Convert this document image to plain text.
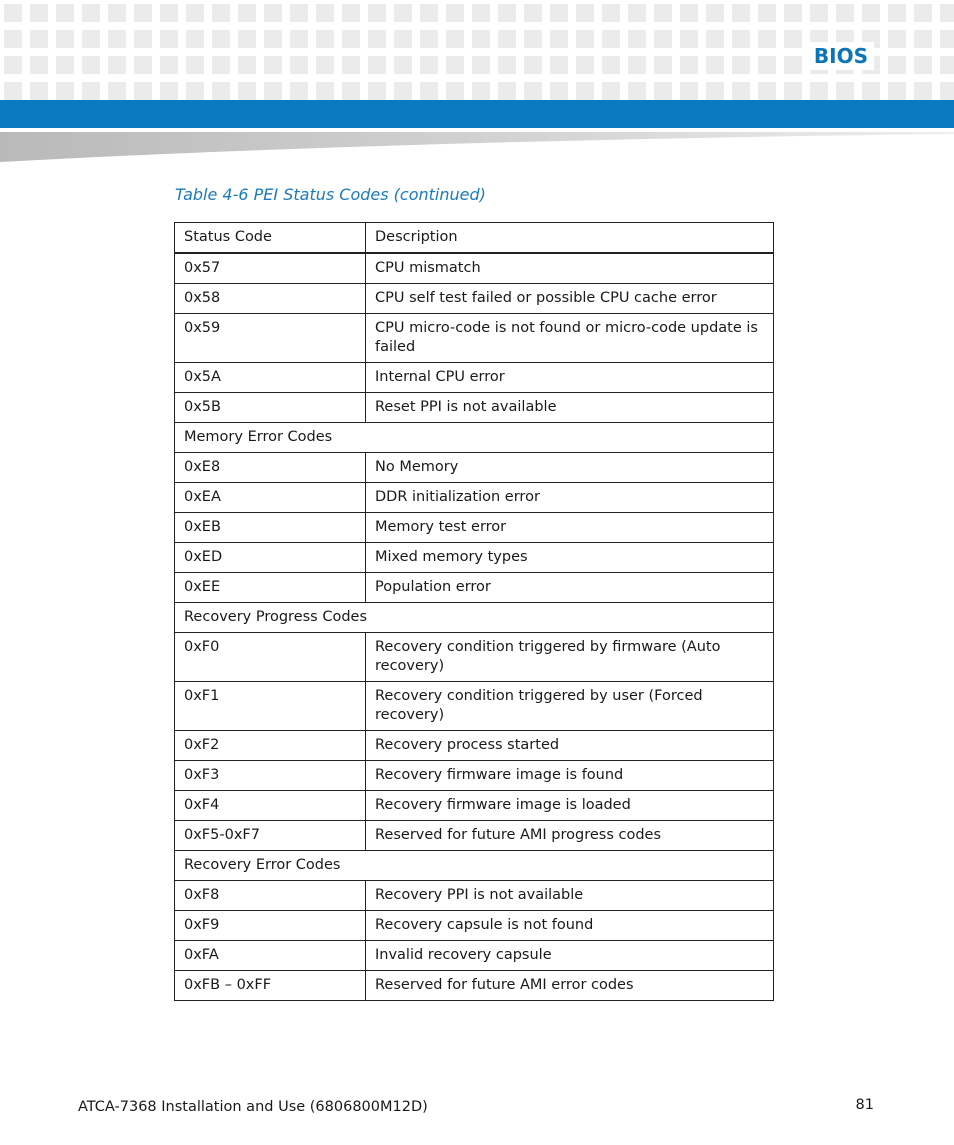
BIOS
Table 4-6 PEI Status Codes (continued)
Status Code	Description
0x57	CPU mismatch
0x58	CPU self test failed or possible CPU cache error
0x59	CPU micro-code is not found or micro-code update is failed
0x5A	Internal CPU error
0x5B	Reset PPI is not available
Memory Error Codes	
0xE8	No Memory
0xEA	DDR initialization error
0xEB	Memory test error
0xED	Mixed memory types
0xEE	Population error
Recovery Progress Codes	
0xF0	Recovery condition triggered by firmware (Auto recovery)
0xF1	Recovery condition triggered by user (Forced recovery)
0xF2	Recovery process started
0xF3	Recovery firmware image is found
0xF4	Recovery firmware image is loaded
0xF5-0xF7	Reserved for future AMI progress codes
Recovery Error Codes	
0xF8	Recovery PPI is not available
0xF9	Recovery capsule is not found
0xFA	Invalid recovery capsule
0xFB – 0xFF	Reserved for future AMI error codes
ATCA-7368 Installation and Use (6806800M12D)	81
